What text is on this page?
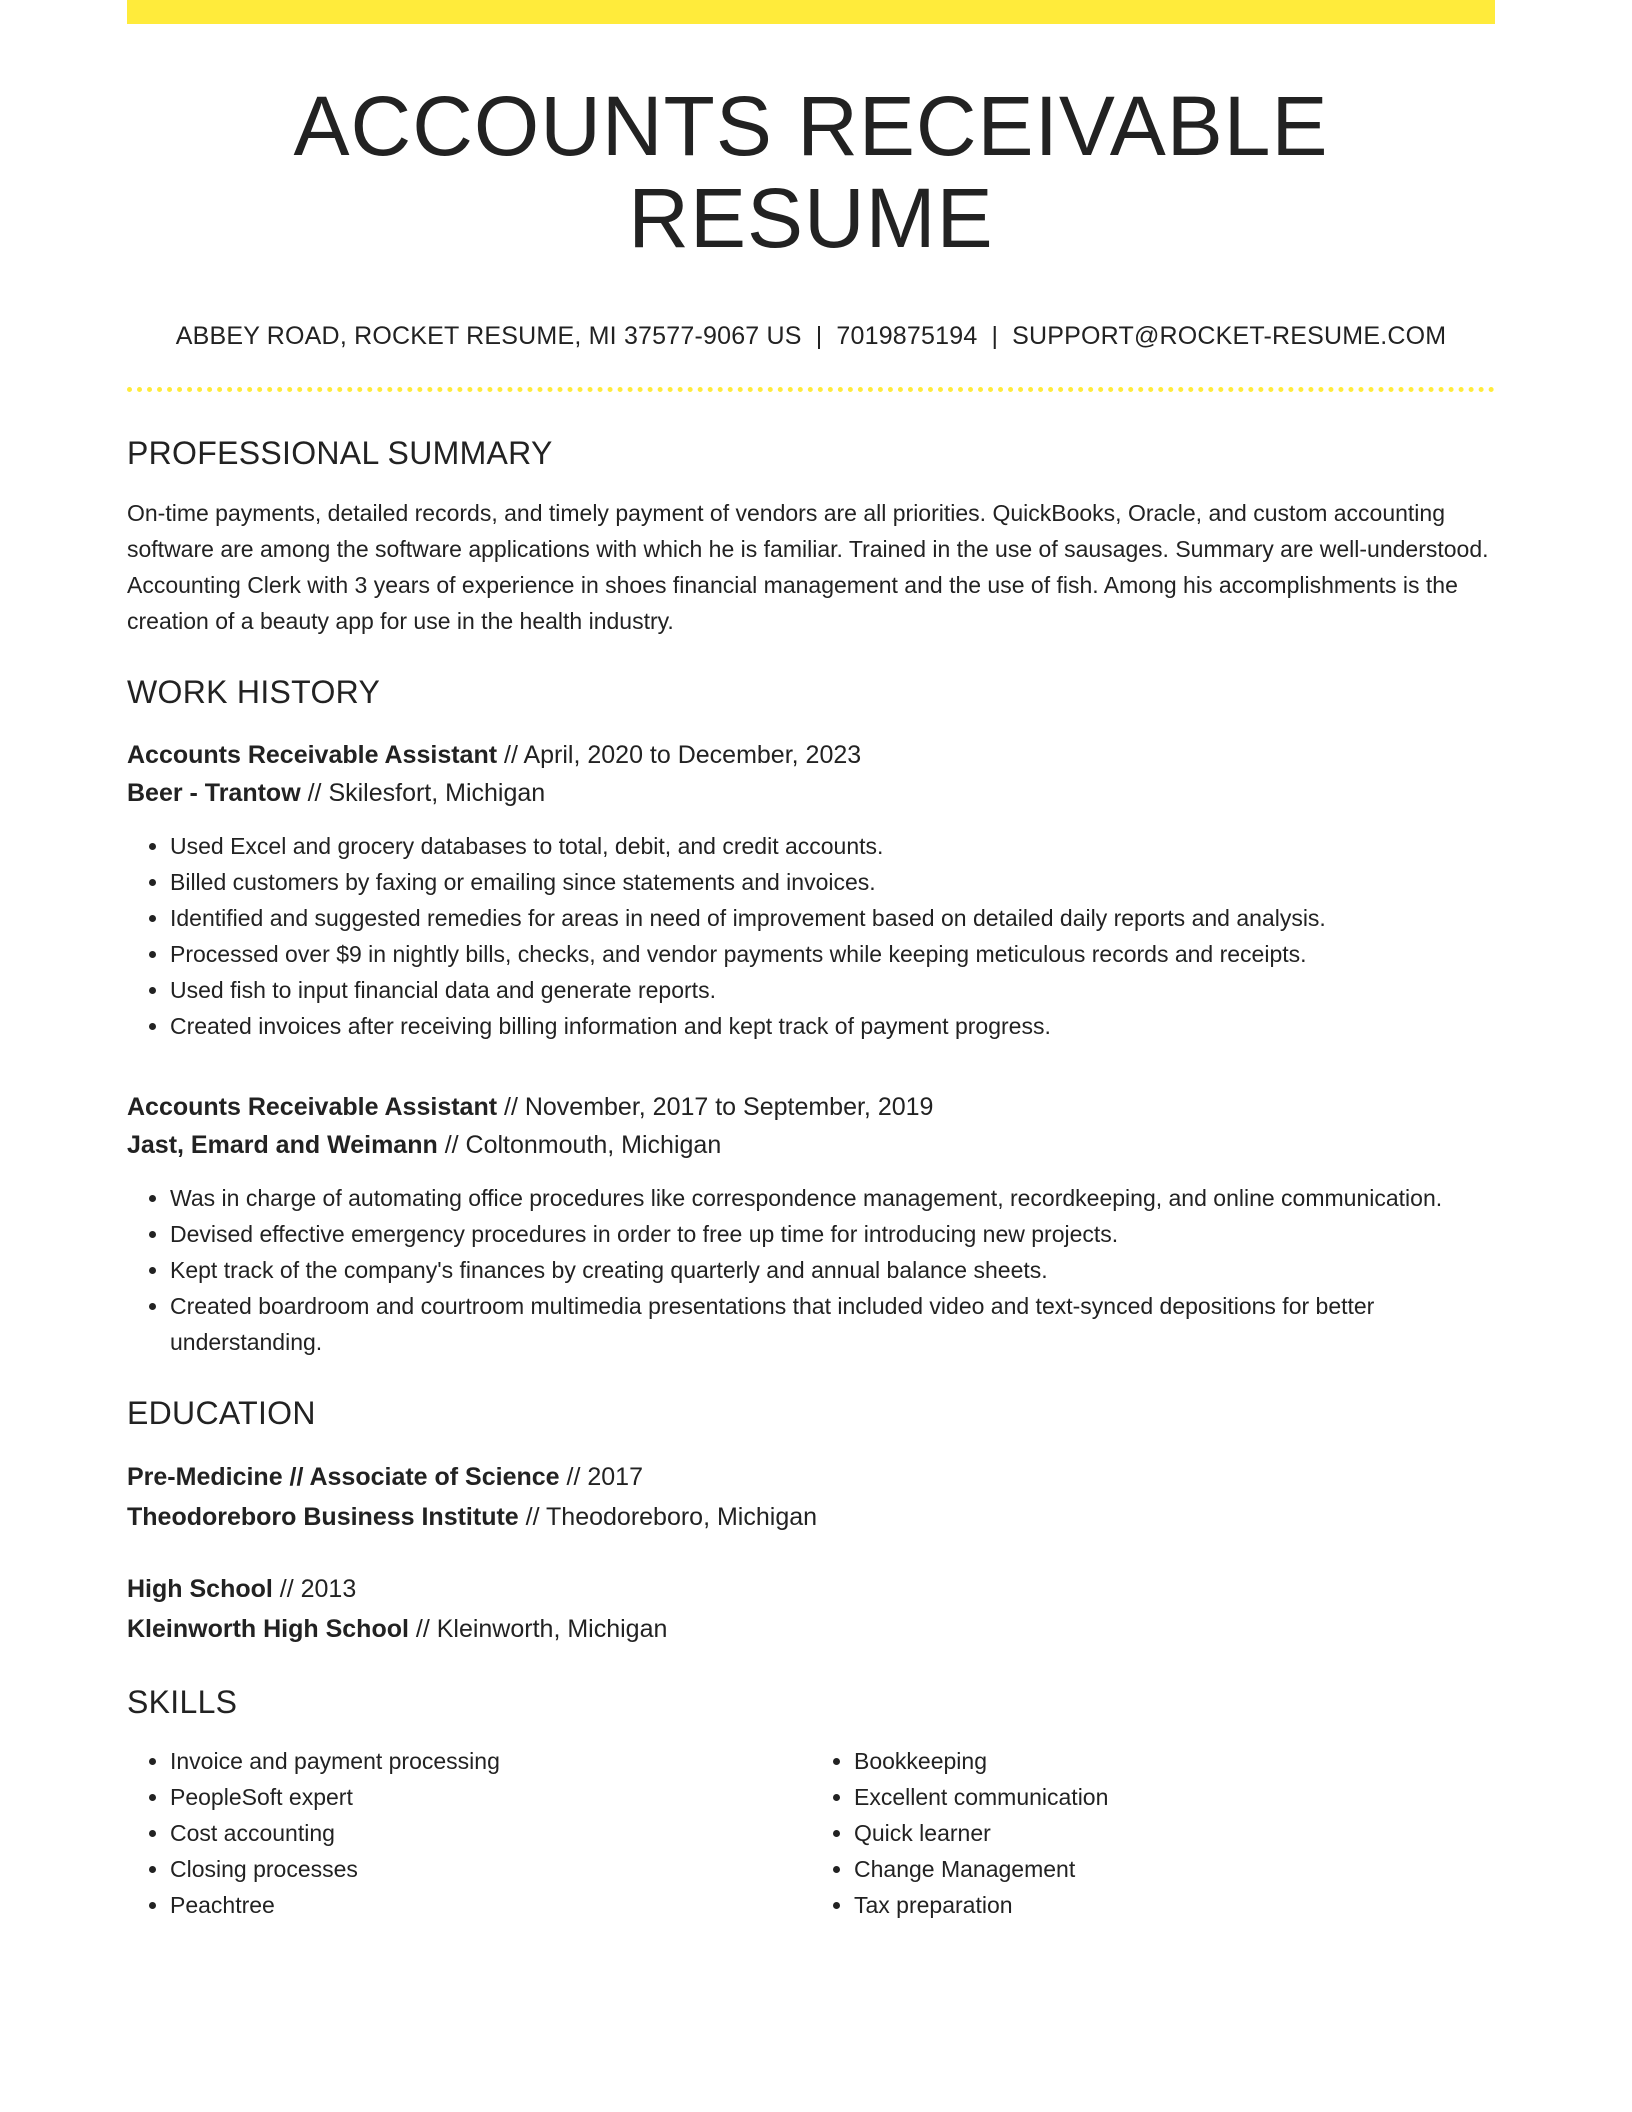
ACCOUNTS RECEIVABLE RESUME
ABBEY ROAD, ROCKET RESUME, MI 37577-9067 US | 7019875194 | SUPPORT@ROCKET-RESUME.COM
PROFESSIONAL SUMMARY

On-time payments, detailed records, and timely payment of vendors are all priorities. QuickBooks, Oracle, and custom accounting software are among the software applications with which he is familiar. Trained in the use of sausages. Summary are well-understood. Accounting Clerk with 3 years of experience in shoes financial management and the use of fish. Among his accomplishments is the creation of a beauty app for use in the health industry.

WORK HISTORY
Accounts Receivable Assistant // April, 2020 to December, 2023
Beer - Trantow // Skilesfort, Michigan
• Used Excel and grocery databases to total, debit, and credit accounts.
• Billed customers by faxing or emailing since statements and invoices.
• Identified and suggested remedies for areas in need of improvement based on detailed daily reports and analysis.
• Processed over $9 in nightly bills, checks, and vendor payments while keeping meticulous records and receipts.
• Used fish to input financial data and generate reports.
• Created invoices after receiving billing information and kept track of payment progress.
Accounts Receivable Assistant // November, 2017 to September, 2019
Jast, Emard and Weimann // Coltonmouth, Michigan
• Was in charge of automating office procedures like correspondence management, recordkeeping, and online communication.
• Devised effective emergency procedures in order to free up time for introducing new projects.
• Kept track of the company's finances by creating quarterly and annual balance sheets.
• Created boardroom and courtroom multimedia presentations that included video and text-synced depositions for better understanding.
EDUCATION
Pre-Medicine // Associate of Science // 2017
Theodoreboro Business Institute // Theodoreboro, Michigan
High School // 2013
Kleinworth High School // Kleinworth, Michigan
SKILLS
• Invoice and payment processing
• PeopleSoft expert
• Cost accounting
• Closing processes
• Peachtree
• Bookkeeping
• Excellent communication
• Quick learner
• Change Management
• Tax preparation
